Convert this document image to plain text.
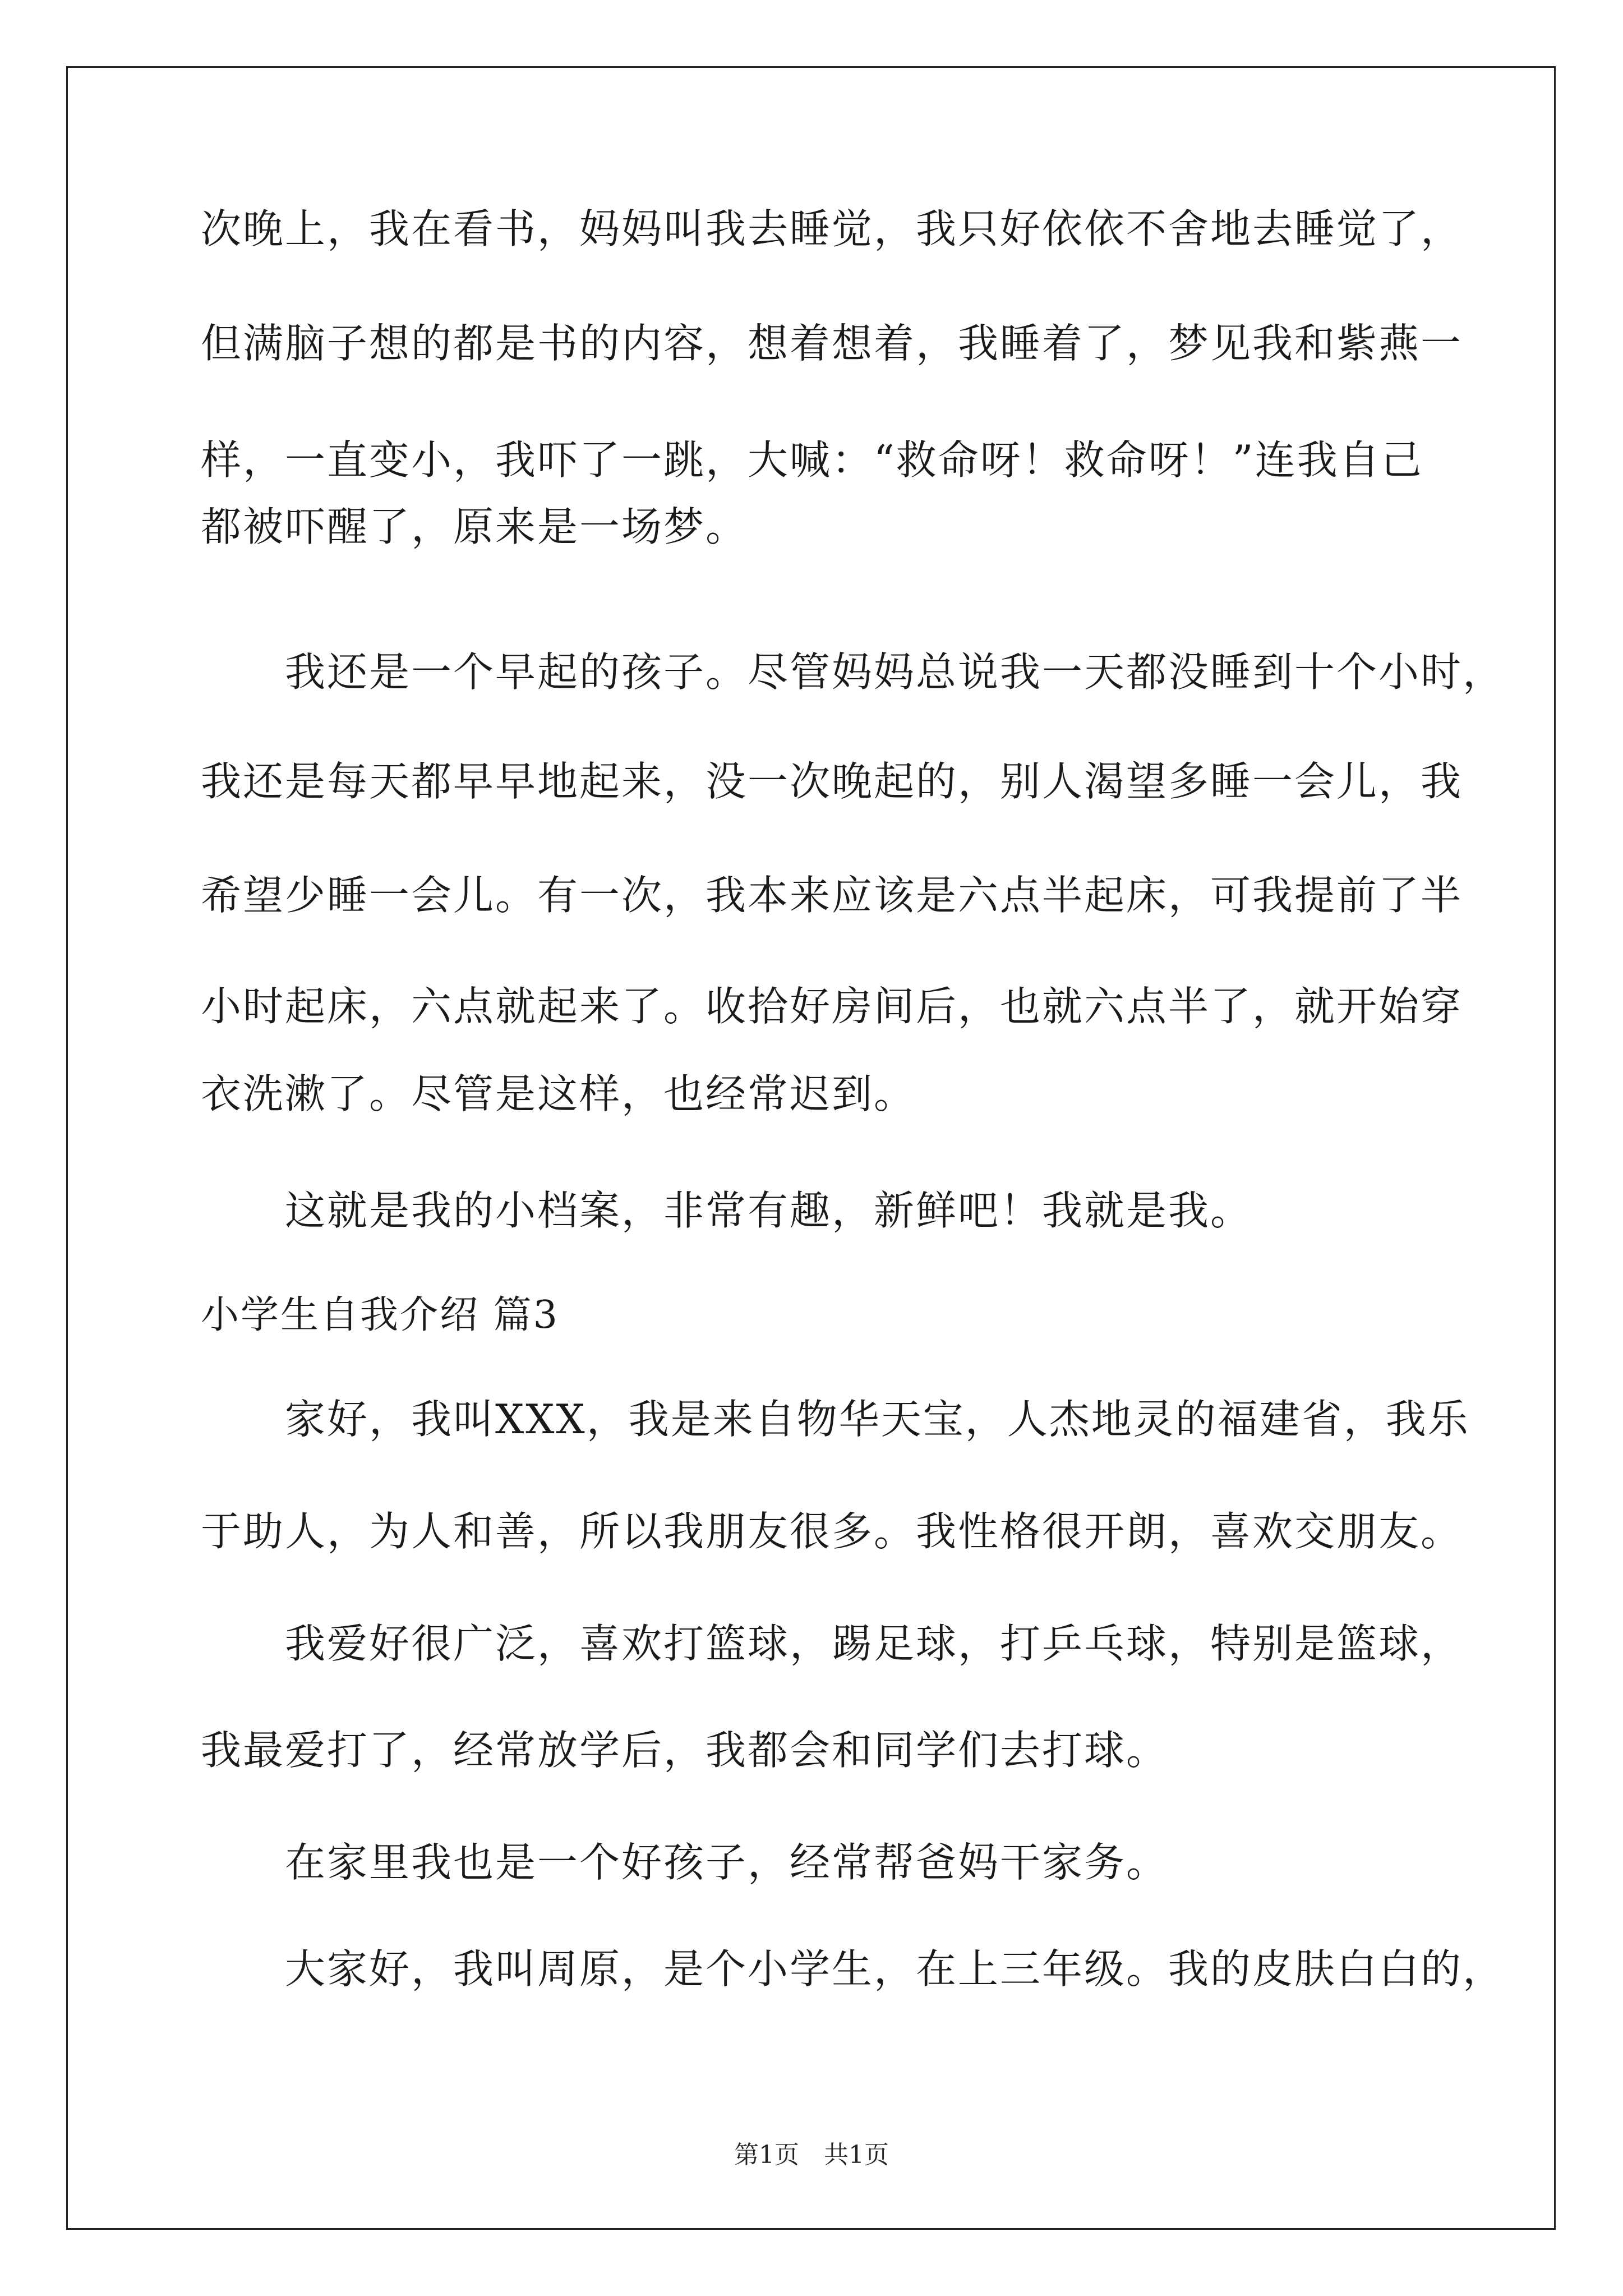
次晚上，我在看书，妈妈叫我去睡觉，我只好依依不舍地去睡觉了，
但满脑子想的都是书的内容，想着想着，我睡着了，梦见我和紫燕一
样，一直变小，我吓了一跳，大喊：“救命呀！救命呀！”连我自己
都被吓醒了，原来是一场梦。
　　我还是一个早起的孩子。尽管妈妈总说我一天都没睡到十个小时，
我还是每天都早早地起来，没一次晚起的，别人渴望多睡一会儿，我
希望少睡一会儿。有一次，我本来应该是六点半起床，可我提前了半
小时起床，六点就起来了。收拾好房间后，也就六点半了，就开始穿
衣洗漱了。尽管是这样，也经常迟到。
　　这就是我的小档案，非常有趣，新鲜吧！我就是我。
小学生自我介绍 篇3
　　家好，我叫XXX，我是来自物华天宝，人杰地灵的福建省，我乐
于助人，为人和善，所以我朋友很多。我性格很开朗，喜欢交朋友。
　　我爱好很广泛，喜欢打篮球，踢足球，打乒乓球，特别是篮球，
我最爱打了，经常放学后，我都会和同学们去打球。
　　在家里我也是一个好孩子，经常帮爸妈干家务。
　　大家好，我叫周原，是个小学生，在上三年级。我的皮肤白白的，
第1页　共1页
